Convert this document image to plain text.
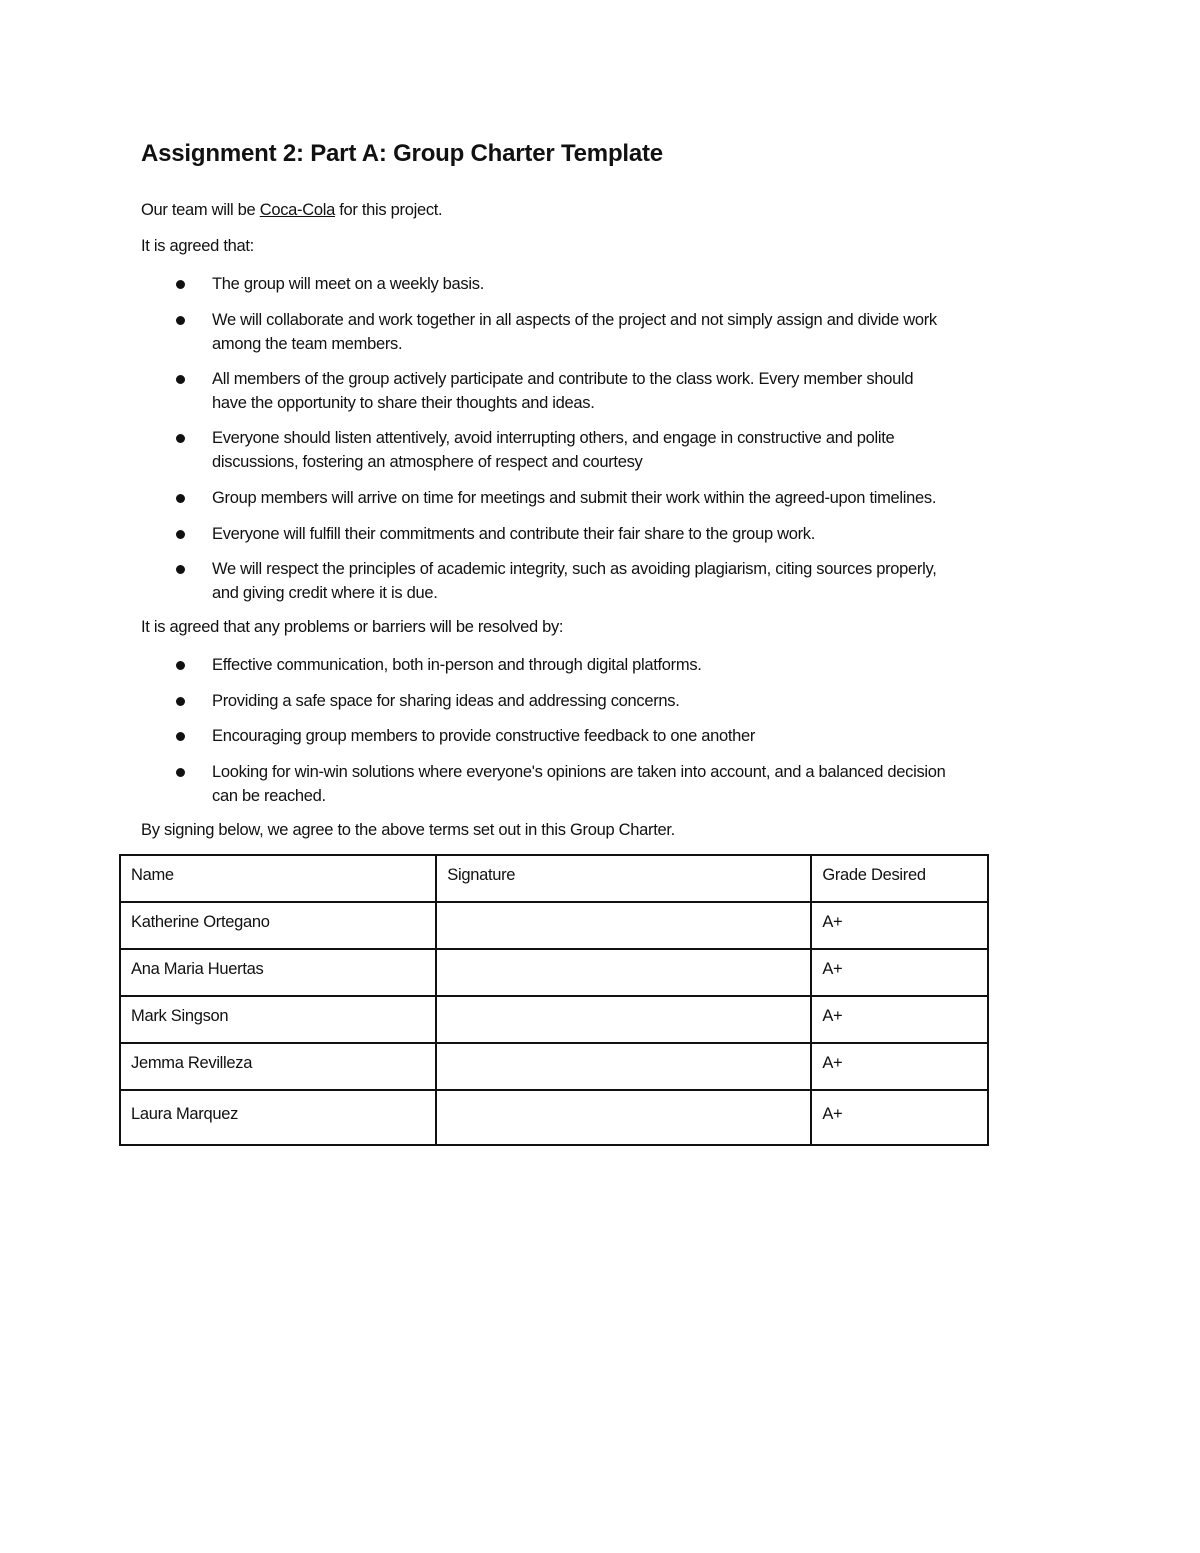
Assignment 2: Part A: Group Charter Template

Our team will be Coca-Cola for this project.

It is agreed that:

The group will meet on a weekly basis.
We will collaborate and work together in all aspects of the project and not simply assign and divide work
among the team members.
All members of the group actively participate and contribute to the class work. Every member should
have the opportunity to share their thoughts and ideas.
Everyone should listen attentively, avoid interrupting others, and engage in constructive and polite
discussions, fostering an atmosphere of respect and courtesy
Group members will arrive on time for meetings and submit their work within the agreed-upon timelines.
Everyone will fulfill their commitments and contribute their fair share to the group work.
We will respect the principles of academic integrity, such as avoiding plagiarism, citing sources properly,
and giving credit where it is due.

It is agreed that any problems or barriers will be resolved by:

Effective communication, both in-person and through digital platforms.
Providing a safe space for sharing ideas and addressing concerns.
Encouraging group members to provide constructive feedback to one another
Looking for win-win solutions where everyone's opinions are taken into account, and a balanced decision
can be reached.

By signing below, we agree to the above terms set out in this Group Charter.

Name	Signature	Grade Desired
Katherine Ortegano		A+
Ana Maria Huertas		A+
Mark Singson		A+
Jemma Revilleza		A+
Laura Marquez		A+
